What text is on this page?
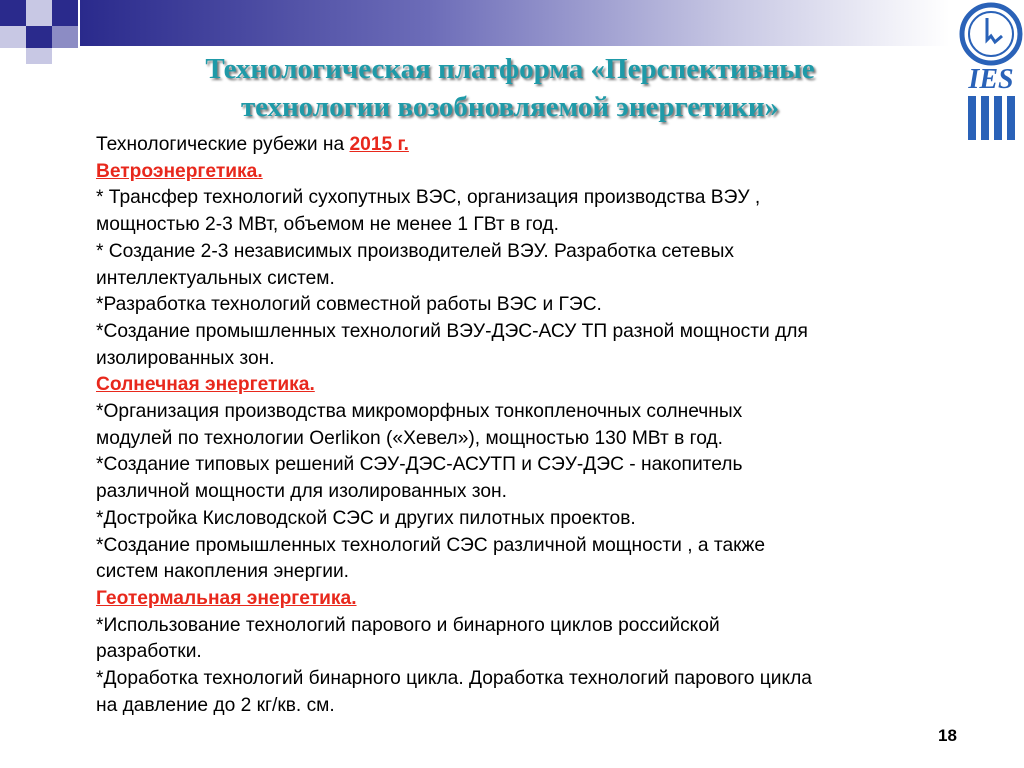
IES
Технологическая платформа «Перспективные
технологии возобновляемой энергетики»
Технологические рубежи на 2015 г.
Ветроэнергетика.
* Трансфер технологий сухопутных ВЭС, организация производства ВЭУ ,
мощностью 2-3 МВт, объемом не менее 1 ГВт в год.
* Создание 2-3 независимых производителей ВЭУ. Разработка сетевых
интеллектуальных систем.
*Разработка технологий совместной работы ВЭС и ГЭС.
*Создание промышленных технологий ВЭУ-ДЭС-АСУ ТП разной мощности для
изолированных зон.
Солнечная энергетика.
*Организация производства микроморфных тонкопленочных солнечных
модулей по технологии Oerlikon («Хевел»), мощностью 130 МВт в год.
*Создание типовых решений СЭУ-ДЭС-АСУТП и СЭУ-ДЭС - накопитель
различной мощности для изолированных зон.
*Достройка Кисловодской СЭС и других пилотных проектов.
*Создание промышленных технологий СЭС различной мощности , а также
систем накопления энергии.
Геотермальная энергетика.
*Использование технологий парового и бинарного циклов российской
разработки.
*Доработка технологий бинарного цикла. Доработка технологий парового цикла
на давление до 2 кг/кв. см.
18
